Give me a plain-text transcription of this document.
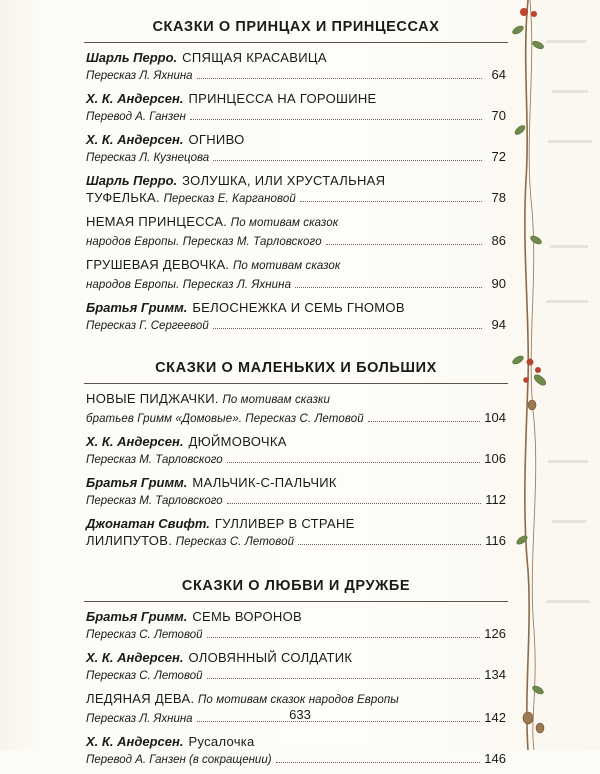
СКАЗКИ О ПРИНЦАХ И ПРИНЦЕССАХ
Шарль Перро. СПЯЩАЯ КРАСАВИЦА
Пересказ Л. Яхнина	64
Х. К. Андерсен. ПРИНЦЕССА НА ГОРОШИНЕ
Перевод А. Ганзен	70
Х. К. Андерсен. ОГНИВО
Пересказ Л. Кузнецова	72
Шарль Перро. ЗОЛУШКА, ИЛИ ХРУСТАЛЬНАЯ
ТУФЕЛЬКА.
Пересказ Е. Каргановой	78
НЕМАЯ ПРИНЦЕССА.
По мотивам сказок
народов Европы. Пересказ М. Тарловского	86
ГРУШЕВАЯ ДЕВОЧКА.
По мотивам сказок
народов Европы. Пересказ Л. Яхнина	90
Братья Гримм. БЕЛОСНЕЖКА И СЕМЬ ГНОМОВ
Пересказ Г. Сергеевой	94
СКАЗКИ О МАЛЕНЬКИХ И БОЛЬШИХ
НОВЫЕ ПИДЖАЧКИ.
По мотивам сказки
братьев Гримм «Домовые». Пересказ С. Летовой	104
Х. К. Андерсен. ДЮЙМОВОЧКА
Пересказ М. Тарловского	106
Братья Гримм. МАЛЬЧИК-С-ПАЛЬЧИК
Пересказ М. Тарловского	112
Джонатан Свифт. ГУЛЛИВЕР В СТРАНЕ
ЛИЛИПУТОВ.
Пересказ С. Летовой	116
СКАЗКИ О ЛЮБВИ И ДРУЖБЕ
Братья Гримм. СЕМЬ ВОРОНОВ
Пересказ С. Летовой	126
Х. К. Андерсен. ОЛОВЯННЫЙ СОЛДАТИК
Пересказ С. Летовой	134
ЛЕДЯНАЯ ДЕВА.
По мотивам сказок народов Европы
Пересказ Л. Яхнина	142
Х. К. Андерсен. Русалочка
Перевод А. Ганзен (в сокращении)	146
633
